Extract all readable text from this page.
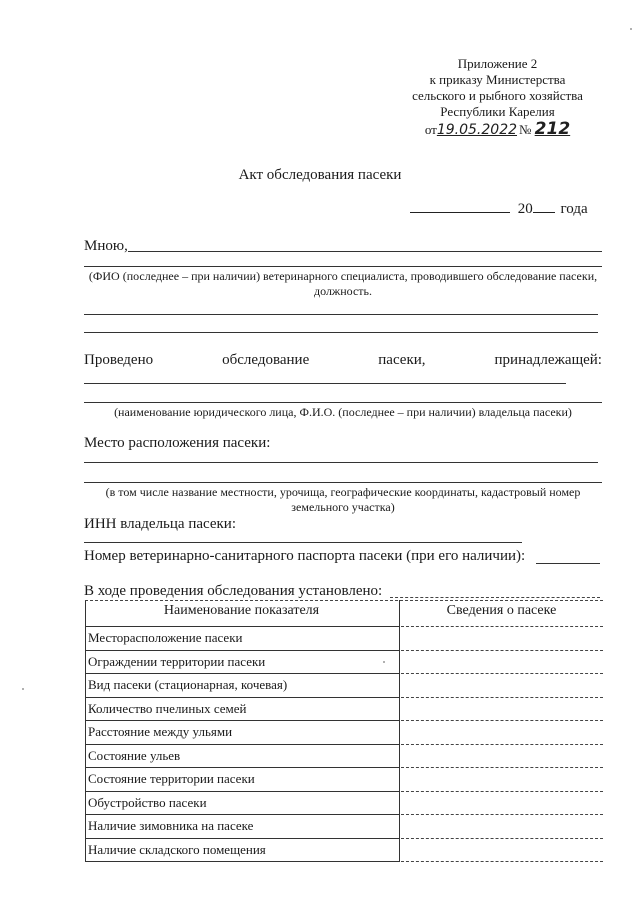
Приложение 2
к приказу Министерства
сельского и рыбного хозяйства
Республики Карелия
от19.05.2022 № 212
Акт обследования пасеки
20 года
Мною,
(ФИО (последнее – при наличии) ветеринарного специалиста, проводившего обследование пасеки, должность.
Проведено	обследование	пасеки,	принадлежащей:
(наименование юридического лица, Ф.И.О. (последнее – при наличии) владельца пасеки)
Место расположения пасеки:
(в том числе название местности, урочища, географические координаты, кадастровый номер земельного участка)
ИНН владельца пасеки:
Номер ветеринарно-санитарного паспорта пасеки (при его наличии):
В ходе проведения обследования установлено:
Наименование показателя	Сведения о пасеке
Месторасположение пасеки
Ограждении территории пасеки
Вид пасеки (стационарная, кочевая)
Количество пчелиных семей
Расстояние между ульями
Состояние ульев
Состояние территории пасеки
Обустройство пасеки
Наличие зимовника на пасеке
Наличие складского помещения
